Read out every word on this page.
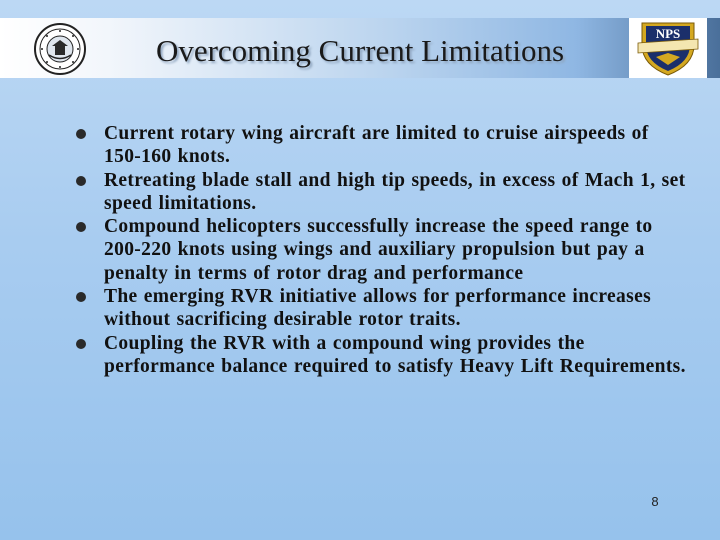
Overcoming Current Limitations	NPS
Current rotary wing aircraft are limited to cruise airspeeds of 150-160 knots.
Retreating blade stall and high tip speeds, in excess of Mach 1, set speed limitations.
Compound helicopters successfully increase the speed range to 200-220 knots using wings and auxiliary propulsion but pay a penalty in terms of rotor drag and performance
The emerging RVR initiative allows for performance increases without sacrificing desirable rotor traits.
Coupling the RVR with a compound wing provides the performance balance required to satisfy Heavy Lift Requirements.
8
